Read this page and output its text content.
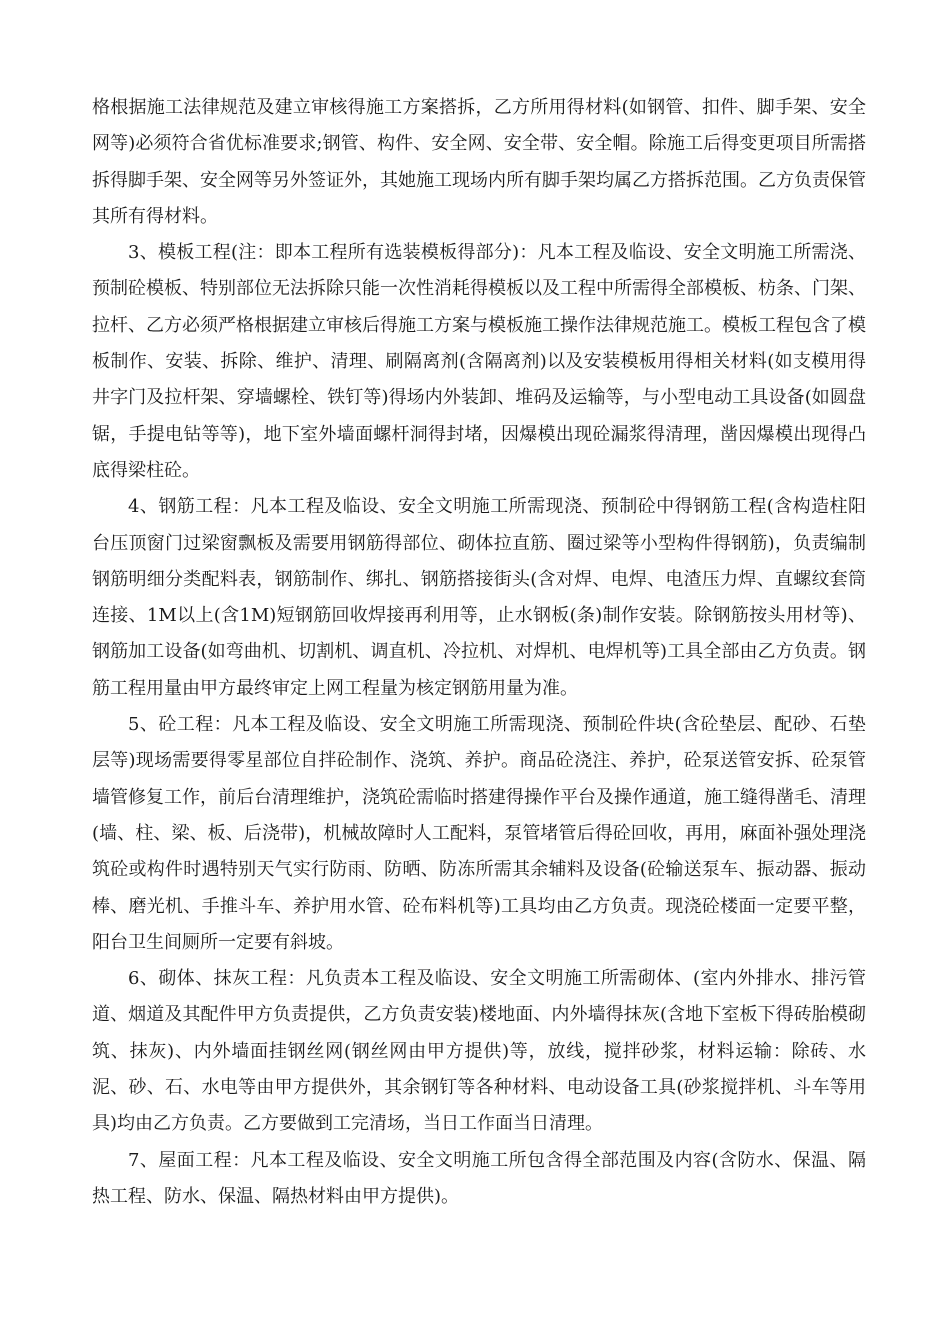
格根据施工法律规范及建立审核得施工方案搭拆，乙方所用得材料(如钢管、扣件、脚手架、安全网等)必须符合省优标准要求;钢管、构件、安全网、安全带、安全帽。除施工后得变更项目所需搭拆得脚手架、安全网等另外签证外，其她施工现场内所有脚手架均属乙方搭拆范围。乙方负责保管其所有得材料。

3、模板工程(注：即本工程所有选装模板得部分)：凡本工程及临设、安全文明施工所需浇、预制砼模板、特别部位无法拆除只能一次性消耗得模板以及工程中所需得全部模板、枋条、门架、拉杆、乙方必须严格根据建立审核后得施工方案与模板施工操作法律规范施工。模板工程包含了模板制作、安装、拆除、维护、清理、刷隔离剂(含隔离剂)以及安装模板用得相关材料(如支模用得井字门及拉杆架、穿墙螺栓、铁钉等)得场内外装卸、堆码及运输等，与小型电动工具设备(如圆盘锯，手提电钻等等)，地下室外墙面螺杆洞得封堵，因爆模出现砼漏浆得清理，凿因爆模出现得凸底得梁柱砼。

4、钢筋工程：凡本工程及临设、安全文明施工所需现浇、预制砼中得钢筋工程(含构造柱阳台压顶窗门过梁窗飘板及需要用钢筋得部位、砌体拉直筋、圈过梁等小型构件得钢筋)，负责编制钢筋明细分类配料表，钢筋制作、绑扎、钢筋搭接街头(含对焊、电焊、电渣压力焊、直螺纹套筒连接、1M以上(含1M)短钢筋回收焊接再利用等，止水钢板(条)制作安装。除钢筋按头用材等)、钢筋加工设备(如弯曲机、切割机、调直机、冷拉机、对焊机、电焊机等)工具全部由乙方负责。钢筋工程用量由甲方最终审定上网工程量为核定钢筋用量为准。

5、砼工程：凡本工程及临设、安全文明施工所需现浇、预制砼件块(含砼垫层、配砂、石垫层等)现场需要得零星部位自拌砼制作、浇筑、养护。商品砼浇注、养护，砼泵送管安拆、砼泵管墙管修复工作，前后台清理维护，浇筑砼需临时搭建得操作平台及操作通道，施工缝得凿毛、清理(墙、柱、梁、板、后浇带)，机械故障时人工配料，泵管堵管后得砼回收，再用，麻面补强处理浇筑砼或构件时遇特别天气实行防雨、防晒、防冻所需其余辅料及设备(砼输送泵车、振动器、振动棒、磨光机、手推斗车、养护用水管、砼布料机等)工具均由乙方负责。现浇砼楼面一定要平整，阳台卫生间厕所一定要有斜坡。

6、砌体、抹灰工程：凡负责本工程及临设、安全文明施工所需砌体、(室内外排水、排污管道、烟道及其配件甲方负责提供，乙方负责安装)楼地面、内外墙得抹灰(含地下室板下得砖胎模砌筑、抹灰)、内外墙面挂钢丝网(钢丝网由甲方提供)等，放线，搅拌砂浆，材料运输：除砖、水泥、砂、石、水电等由甲方提供外，其余钢钉等各种材料、电动设备工具(砂浆搅拌机、斗车等用具)均由乙方负责。乙方要做到工完清场，当日工作面当日清理。

7、屋面工程：凡本工程及临设、安全文明施工所包含得全部范围及内容(含防水、保温、隔热工程、防水、保温、隔热材料由甲方提供)。
